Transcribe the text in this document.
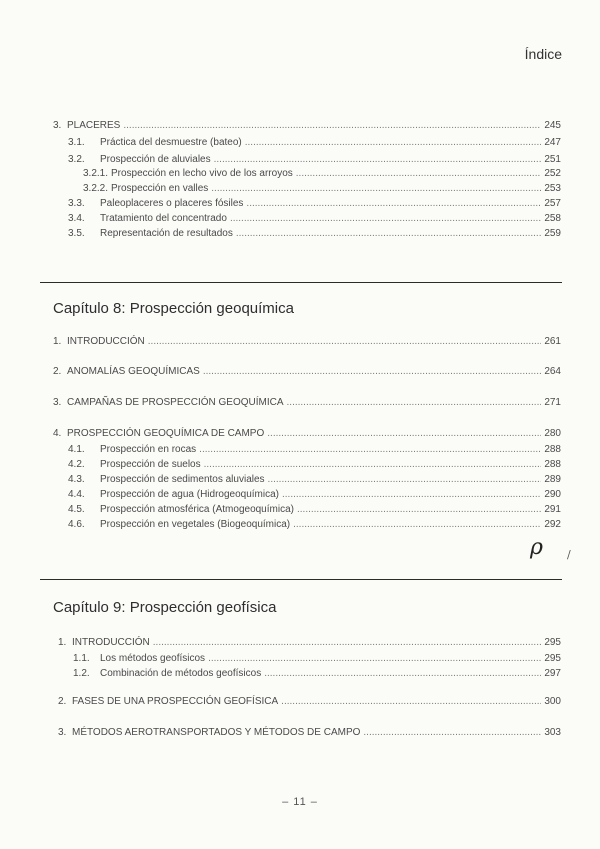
Índice
3. PLACERES .....	245
3.1.	Práctica del desmuestre (bateo) .....	247
3.2.	Prospección de aluviales .....	251
3.2.1. Prospección en lecho vivo de los arroyos .....	252
3.2.2. Prospección en valles .....	253
3.3.	Paleoplaceres o placeres fósiles .....	257
3.4.	Tratamiento del concentrado .....	258
3.5.	Representación de resultados .....	259
Capítulo 8: Prospección geoquímica
1. INTRODUCCIÓN .....	261
2. ANOMALÍAS GEOQUÍMICAS .....	264
3. CAMPAÑAS DE PROSPECCIÓN GEOQUÍMICA .....	271
4. PROSPECCIÓN GEOQUÍMICA DE CAMPO .....	280
4.1.	Prospección en rocas .....	288
4.2.	Prospección de suelos .....	288
4.3.	Prospección de sedimentos aluviales .....	289
4.4.	Prospección de agua (Hidrogeoquímica) .....	290
4.5.	Prospección atmosférica (Atmogeoquímica) .....	291
4.6.	Prospección en vegetales (Biogeoquímica) .....	292
ρ /
Capítulo 9: Prospección geofísica
1. INTRODUCCIÓN .....	295
1.1.	Los métodos geofísicos .....	295
1.2.	Combinación de métodos geofísicos .....	297
2. FASES DE UNA PROSPECCIÓN GEOFÍSICA .....	300
3. MÉTODOS AEROTRANSPORTADOS Y MÉTODOS DE CAMPO .....	303
– 11 –
